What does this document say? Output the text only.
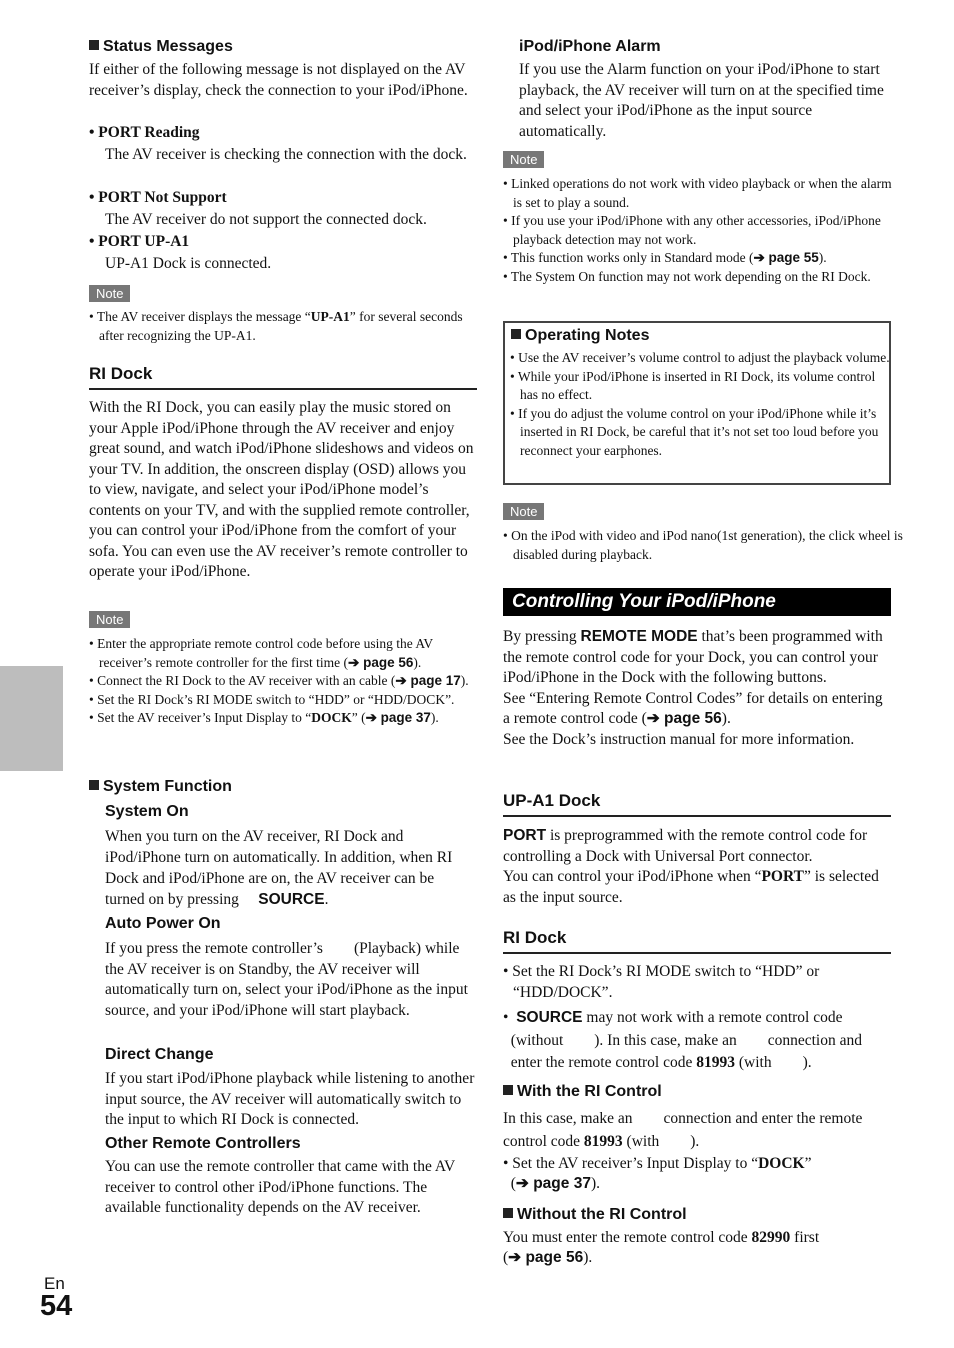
Status Messages

If either of the following message is not displayed on the AV receiver’s display, check the connection to your iPod/iPhone.

• PORT Reading

The AV receiver is checking the connection with the dock.

• PORT Not Support

The AV receiver do not support the connected dock.

• PORT UP-A1

UP-A1 Dock is connected.

Note

• The AV receiver displays the message “UP-A1” for several seconds after recognizing the UP-A1.

RI Dock

With the RI Dock, you can easily play the music stored on your Apple iPod/iPhone through the AV receiver and enjoy great sound, and watch iPod/iPhone slideshows and videos on your TV. In addition, the onscreen display (OSD) allows you to view, navigate, and select your iPod/iPhone model’s contents on your TV, and with the supplied remote controller, you can control your iPod/iPhone from the comfort of your sofa. You can even use the AV receiver’s remote controller to operate your iPod/iPhone.

Note

• Enter the appropriate remote control code before using the AV receiver’s remote controller for the first time (➔ page 56).

• Connect the RI Dock to the AV receiver with an cable (➔ page 17).

• Set the RI Dock’s RI MODE switch to “HDD” or “HDD/DOCK”.

• Set the AV receiver’s Input Display to “DOCK” (➔ page 37).

System Function
System On

When you turn on the AV receiver, RI Dock and iPod/iPhone turn on automatically. In addition, when RI Dock and iPod/iPhone are on, the AV receiver can be turned on by pressing SOURCE.

Auto Power On

If you press the remote controller’s        (Playback) while the AV receiver is on Standby, the AV receiver will automatically turn on, select your iPod/iPhone as the input source, and your iPod/iPhone will start playback.

Direct Change

If you start iPod/iPhone playback while listening to another input source, the AV receiver will automatically switch to the input to which RI Dock is connected.

Other Remote Controllers

You can use the remote controller that came with the AV receiver to control other iPod/iPhone functions. The available functionality depends on the AV receiver.

iPod/iPhone Alarm

If you use the Alarm function on your iPod/iPhone to start playback, the AV receiver will turn on at the specified time and select your iPod/iPhone as the input source automatically.

Note

• Linked operations do not work with video playback or when the alarm is set to play a sound.

• If you use your iPod/iPhone with any other accessories, iPod/iPhone playback detection may not work.

• This function works only in Standard mode (➔ page 55).

• The System On function may not work depending on the RI Dock.

Operating Notes

• Use the AV receiver’s volume control to adjust the playback volume.

• While your iPod/iPhone is inserted in RI Dock, its volume control has no effect.

• If you do adjust the volume control on your iPod/iPhone while it’s inserted in RI Dock, be careful that it’s not set too loud before you reconnect your earphones.

Note

• On the iPod with video and iPod nano(1st generation), the click wheel is disabled during playback.

Controlling Your iPod/iPhone

By pressing REMOTE MODE that’s been programmed with the remote control code for your Dock, you can control your iPod/iPhone in the Dock with the following buttons.

See “Entering Remote Control Codes” for details on entering a remote control code (➔ page 56).

See the Dock’s instruction manual for more information.

UP-A1 Dock

PORT is preprogrammed with the remote control code for controlling a Dock with Universal Port connector.

You can control your iPod/iPhone when “PORT” is selected as the input source.

RI Dock

• Set the RI Dock’s RI MODE switch to “HDD” or “HDD/DOCK”.

• SOURCE may not work with a remote control code
(without        ). In this case, make an        connection and
enter the remote control code 81993 (with        ).
With the RI Control
In this case, make an        connection and enter the remote
control code 81993 (with        ).
• Set the AV receiver’s Input Display to “DOCK”
(➔ page 37).
Without the RI Control
You must enter the remote control code 82990 first
(➔ page 56).
En
54
